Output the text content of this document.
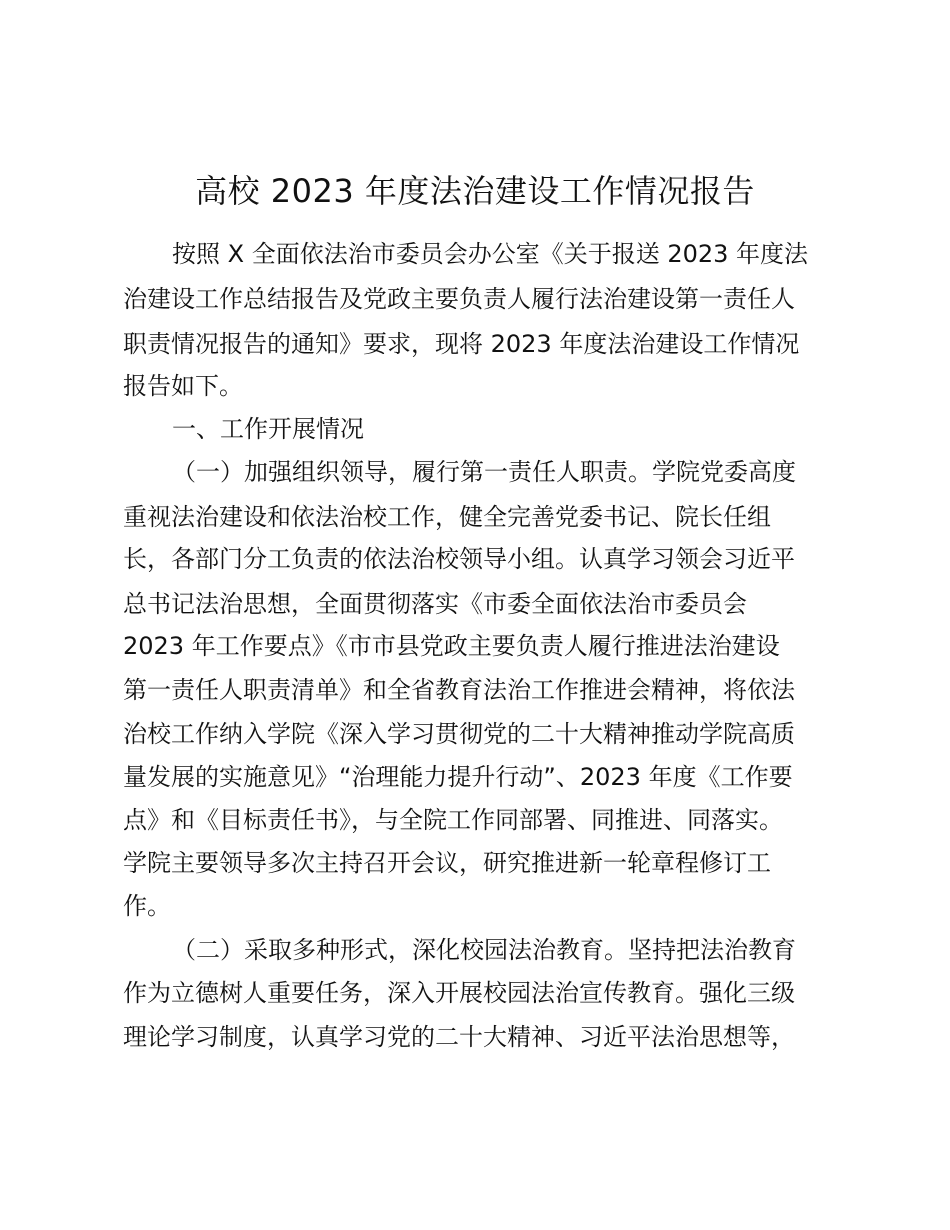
高校 2023 年度法治建设工作情况报告
按照 X 全面依法治市委员会办公室《关于报送 2023 年度法
治建设工作总结报告及党政主要负责人履行法治建设第一责任人
职责情况报告的通知》要求，现将 2023 年度法治建设工作情况
报告如下。
一、工作开展情况
（一）加强组织领导，履行第一责任人职责。学院党委高度
重视法治建设和依法治校工作，健全完善党委书记、院长任组
长，各部门分工负责的依法治校领导小组。认真学习领会习近平
总书记法治思想，全面贯彻落实《市委全面依法治市委员会
2023 年工作要点》《市市县党政主要负责人履行推进法治建设
第一责任人职责清单》和全省教育法治工作推进会精神，将依法
治校工作纳入学院《深入学习贯彻党的二十大精神推动学院高质
量发展的实施意见》“治理能力提升行动”、2023 年度《工作要
点》和《目标责任书》，与全院工作同部署、同推进、同落实。
学院主要领导多次主持召开会议，研究推进新一轮章程修订工
作。
（二）采取多种形式，深化校园法治教育。坚持把法治教育
作为立德树人重要任务，深入开展校园法治宣传教育。强化三级
理论学习制度，认真学习党的二十大精神、习近平法治思想等，
